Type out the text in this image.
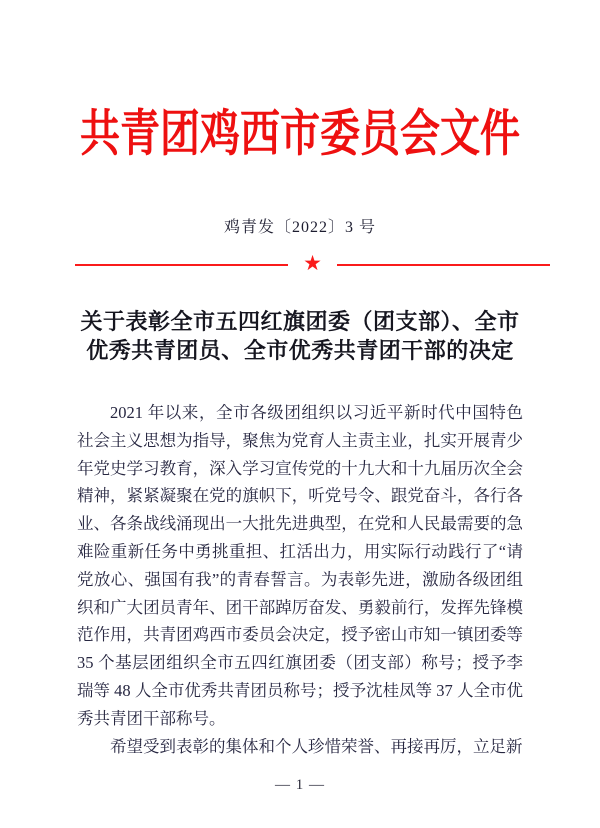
共青团鸡西市委员会文件
鸡青发〔2022〕3 号
★
关于表彰全市五四红旗团委（团支部）、全市
优秀共青团员、全市优秀共青团干部的决定

2021 年以来，全市各级团组织以习近平新时代中国特色社会主义思想为指导，聚焦为党育人主责主业，扎实开展青少年党史学习教育，深入学习宣传党的十九大和十九届历次全会精神，紧紧凝聚在党的旗帜下，听党号令、跟党奋斗，各行各业、各条战线涌现出一大批先进典型，在党和人民最需要的急难险重新任务中勇挑重担、扛活出力，用实际行动践行了“请党放心、强国有我”的青春誓言。为表彰先进，激励各级团组织和广大团员青年、团干部踔厉奋发、勇毅前行，发挥先锋模范作用，共青团鸡西市委员会决定，授予密山市知一镇团委等 35 个基层团组织全市五四红旗团委（团支部）称号；授予李瑞等 48 人全市优秀共青团员称号；授予沈桂凤等 37 人全市优秀共青团干部称号。

希望受到表彰的集体和个人珍惜荣誉、再接再厉，立足新

— 1 —
